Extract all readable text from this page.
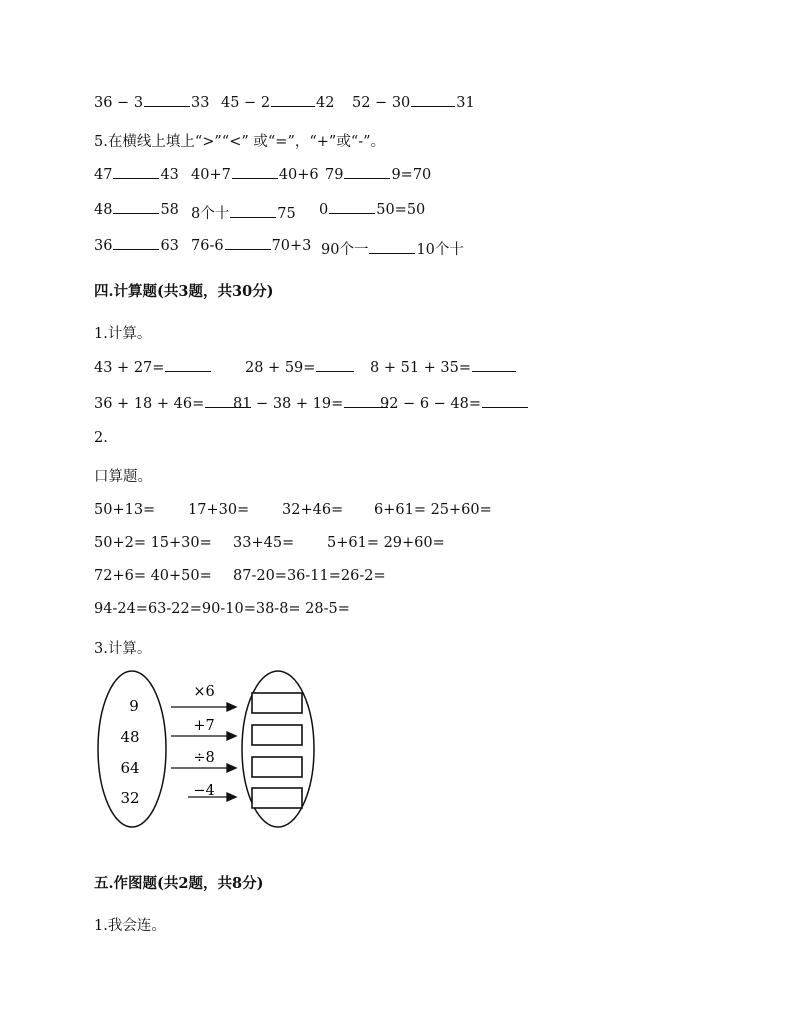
36 − 3	33 45 − 2	42 52 − 30	31
5.在横线上填上“>”“<” 或“=”，“+”或“-”。
47	43 40+7	40+6 79	9=70
48	58 8个十	75 0	50=50
36	63 76-6	70+3 90个一	10个十
四.计算题(共3题，共30分)
1.计算。
43 + 27=	28 + 59=	8 + 51 + 35=
36 + 18 + 46=	81 − 38 + 19=	92 − 6 − 48=
2.
口算题。
50+13= 17+30= 32+46= 6+61= 25+60=
50+2= 15+30= 33+45= 5+61= 29+60=
72+6= 40+50= 87-20=36-11=26-2=
94-24=63-22=90-10=38-8= 28-5=
3.计算。
9
48
64
32
×6
+7
÷8
−4
五.作图题(共2题，共8分)
1.我会连。
